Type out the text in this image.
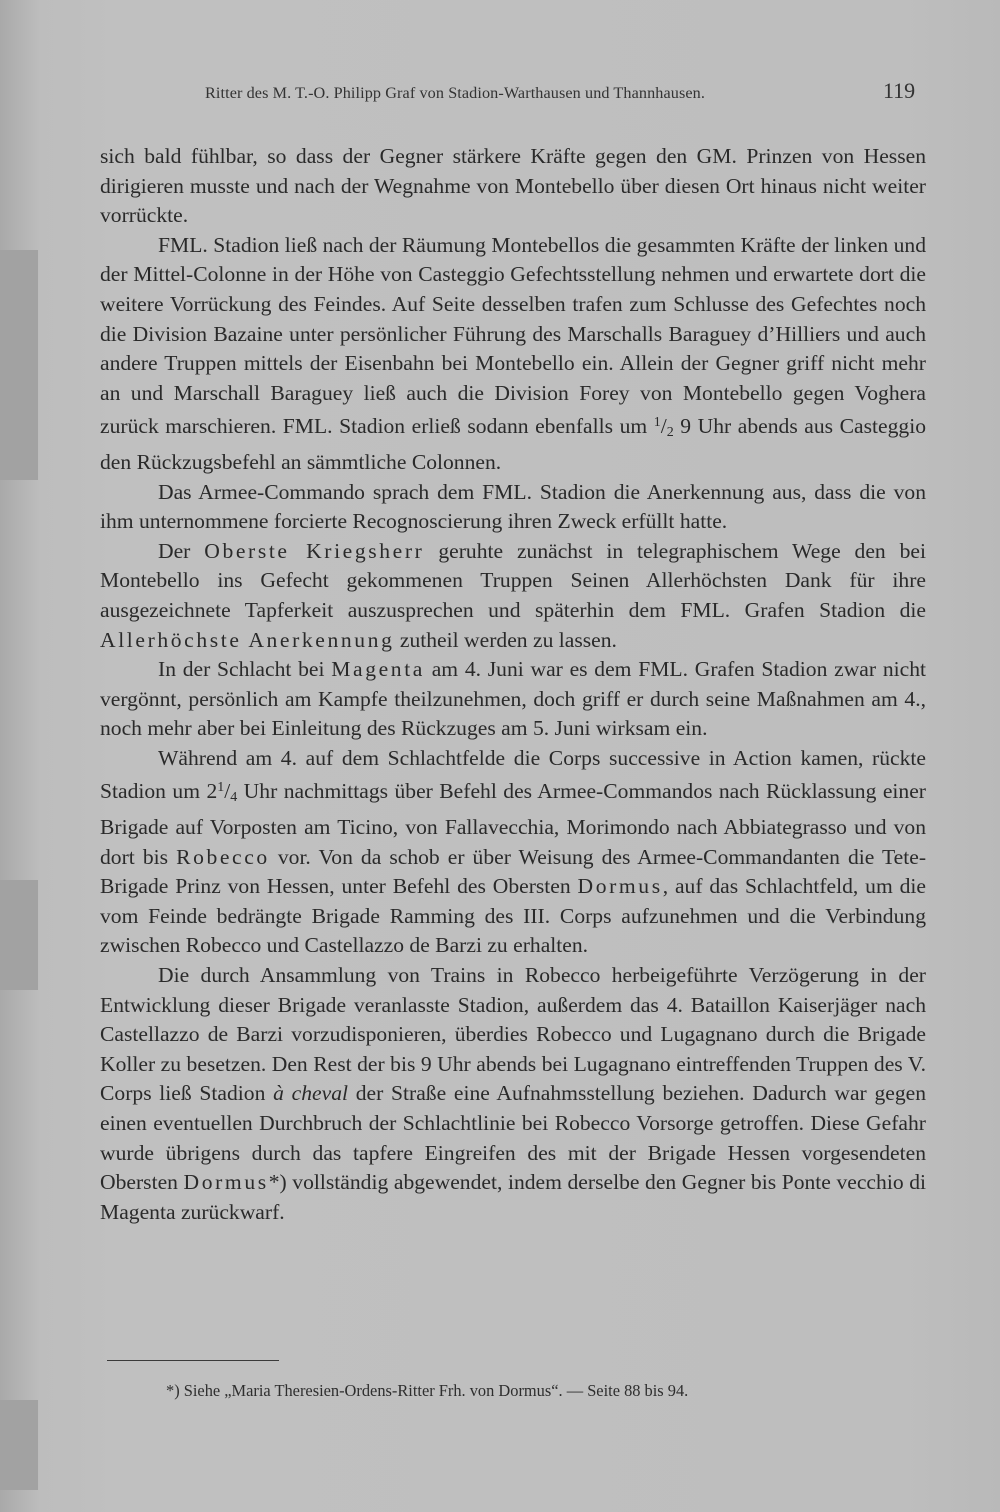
Ritter des M. T.-O. Philipp Graf von Stadion-Warthausen und Thannhausen.	119

sich bald fühlbar, so dass der Gegner stärkere Kräfte gegen den GM. Prinzen von Hessen dirigieren musste und nach der Wegnahme von Montebello über diesen Ort hinaus nicht weiter vorrückte.

FML. Stadion ließ nach der Räumung Montebellos die gesammten Kräfte der linken und der Mittel-Colonne in der Höhe von Casteggio Gefechtsstellung nehmen und erwartete dort die weitere Vorrückung des Feindes. Auf Seite desselben trafen zum Schlusse des Gefechtes noch die Division Bazaine unter persönlicher Führung des Marschalls Baraguey d’Hilliers und auch andere Truppen mittels der Eisenbahn bei Montebello ein. Allein der Gegner griff nicht mehr an und Marschall Baraguey ließ auch die Division Forey von Montebello gegen Voghera zurück marschieren. FML. Stadion erließ sodann ebenfalls um $^1/_2$ 9 Uhr abends aus Casteggio den Rückzugsbefehl an sämmtliche Colonnen.

Das Armee-Commando sprach dem FML. Stadion die Anerkennung aus, dass die von ihm unternommene forcierte Recognoscierung ihren Zweck erfüllt hatte.

Der Oberste Kriegsherr geruhte zunächst in telegraphischem Wege den bei Montebello ins Gefecht gekommenen Truppen Seinen Allerhöchsten Dank für ihre ausgezeichnete Tapferkeit auszusprechen und späterhin dem FML. Grafen Stadion die Allerhöchste Anerkennung zutheil werden zu lassen.

In der Schlacht bei Magenta am 4. Juni war es dem FML. Grafen Stadion zwar nicht vergönnt, persönlich am Kampfe theilzunehmen, doch griff er durch seine Maßnahmen am 4., noch mehr aber bei Einleitung des Rückzuges am 5. Juni wirksam ein.

Während am 4. auf dem Schlachtfelde die Corps successive in Action kamen, rückte Stadion um $2^1/_4$ Uhr nachmittags über Befehl des Armee-Commandos nach Rücklassung einer Brigade auf Vorposten am Ticino, von Fallavecchia, Morimondo nach Abbiategrasso und von dort bis Robecco vor. Von da schob er über Weisung des Armee-Commandanten die Tete-Brigade Prinz von Hessen, unter Befehl des Obersten Dormus, auf das Schlachtfeld, um die vom Feinde bedrängte Brigade Ramming des III. Corps aufzunehmen und die Verbindung zwischen Robecco und Castellazzo de Barzi zu erhalten.

Die durch Ansammlung von Trains in Robecco herbeigeführte Verzögerung in der Entwicklung dieser Brigade veranlasste Stadion, außerdem das 4. Bataillon Kaiserjäger nach Castellazzo de Barzi vorzudisponieren, überdies Robecco und Lugagnano durch die Brigade Koller zu besetzen. Den Rest der bis 9 Uhr abends bei Lugagnano eintreffenden Truppen des V. Corps ließ Stadion à cheval der Straße eine Aufnahmsstellung beziehen. Dadurch war gegen einen eventuellen Durchbruch der Schlachtlinie bei Robecco Vorsorge getroffen. Diese Gefahr wurde übrigens durch das tapfere Eingreifen des mit der Brigade Hessen vorgesendeten Obersten Dormus*) vollständig abgewendet, indem derselbe den Gegner bis Ponte vecchio di Magenta zurückwarf.

*) Siehe „Maria Theresien-Ordens-Ritter Frh. von Dormus“. — Seite 88 bis 94.
